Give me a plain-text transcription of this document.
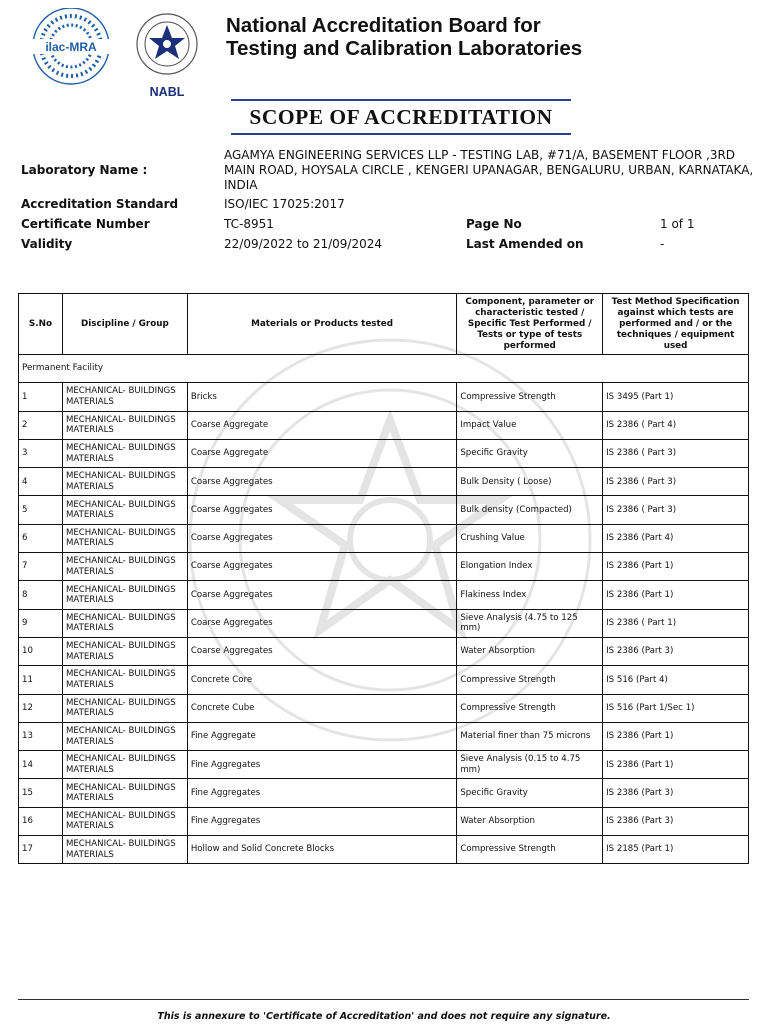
ilac-MRA
NABL
National Accreditation Board for
Testing and Calibration Laboratories
SCOPE OF ACCREDITATION
Laboratory Name :
AGAMYA ENGINEERING SERVICES LLP - TESTING LAB, #71/A, BASEMENT FLOOR ,3RD
MAIN ROAD, HOYSALA CIRCLE , KENGERI UPANAGAR, BENGALURU, URBAN, KARNATAKA,
INDIA
Accreditation Standard	ISO/IEC 17025:2017
Certificate Number	TC-8951	Page No	1 of 1
Validity	22/09/2022 to 21/09/2024	Last Amended on	-
S.No	Discipline / Group	Materials or Products tested	Component, parameter or characteristic tested / Specific Test Performed / Tests or type of tests performed	Test Method Specification against which tests are performed and / or the techniques / equipment used
Permanent Facility				
1	MECHANICAL- BUILDINGS MATERIALS	Bricks	Compressive Strength	IS 3495 (Part 1)
2	MECHANICAL- BUILDINGS MATERIALS	Coarse Aggregate	Impact Value	IS 2386 ( Part 4)
3	MECHANICAL- BUILDINGS MATERIALS	Coarse Aggregate	Specific Gravity	IS 2386 ( Part 3)
4	MECHANICAL- BUILDINGS MATERIALS	Coarse Aggregates	Bulk Density ( Loose)	IS 2386 ( Part 3)
5	MECHANICAL- BUILDINGS MATERIALS	Coarse Aggregates	Bulk density (Compacted)	IS 2386 ( Part 3)
6	MECHANICAL- BUILDINGS MATERIALS	Coarse Aggregates	Crushing Value	IS 2386 (Part 4)
7	MECHANICAL- BUILDINGS MATERIALS	Coarse Aggregates	Elongation Index	IS 2386 (Part 1)
8	MECHANICAL- BUILDINGS MATERIALS	Coarse Aggregates	Flakiness Index	IS 2386 (Part 1)
9	MECHANICAL- BUILDINGS MATERIALS	Coarse Aggregates	Sieve Analysis (4.75 to 125 mm)	IS 2386 ( Part 1)
10	MECHANICAL- BUILDINGS MATERIALS	Coarse Aggregates	Water Absorption	IS 2386 (Part 3)
11	MECHANICAL- BUILDINGS MATERIALS	Concrete Core	Compressive Strength	IS 516 (Part 4)
12	MECHANICAL- BUILDINGS MATERIALS	Concrete Cube	Compressive Strength	IS 516 (Part 1/Sec 1)
13	MECHANICAL- BUILDINGS MATERIALS	Fine Aggregate	Material finer than 75 microns	IS 2386 (Part 1)
14	MECHANICAL- BUILDINGS MATERIALS	Fine Aggregates	Sieve Analysis (0.15 to 4.75 mm)	IS 2386 (Part 1)
15	MECHANICAL- BUILDINGS MATERIALS	Fine Aggregates	Specific Gravity	IS 2386 (Part 3)
16	MECHANICAL- BUILDINGS MATERIALS	Fine Aggregates	Water Absorption	IS 2386 (Part 3)
17	MECHANICAL- BUILDINGS MATERIALS	Hollow and Solid Concrete Blocks	Compressive Strength	IS 2185 (Part 1)
This is annexure to 'Certificate of Accreditation' and does not require any signature.
